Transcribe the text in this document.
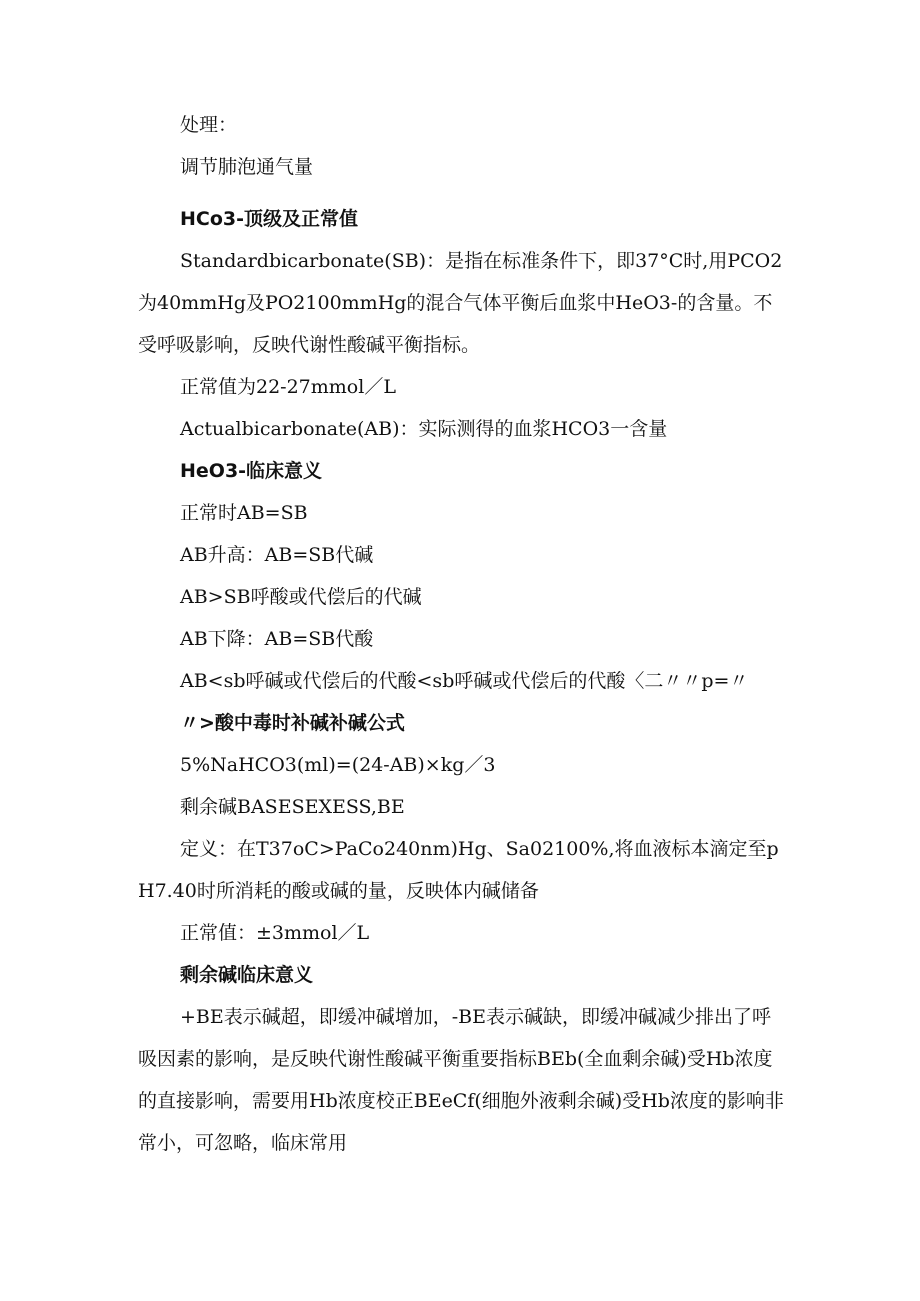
处理：

调节肺泡通气量

HCo3-顶级及正常值

Standardbicarbonate(SB)：是指在标准条件下，即37°C时,用PCO2为40mmHg及PO2100mmHg的混合气体平衡后血浆中HeO3-的含量。不受呼吸影响，反映代谢性酸碱平衡指标。

正常值为22-27mmol／L

Actualbicarbonate(AB)：实际测得的血浆HCO3一含量

HeO3-临床意义

正常时AB=SB

AB升高：AB=SB代碱

AB>SB呼酸或代偿后的代碱

AB下降：AB=SB代酸

AB<sb呼碱或代偿后的代酸<sb呼碱或代偿后的代酸〈二〃〃p=〃

〃>酸中毒时补碱补碱公式

5%NaHCO3(ml)=(24-AB)×kg／3

剩余碱BASESEXESS,BE

定义：在T37oC>PaCo240nm)Hg、Sa02100%,将血液标本滴定至pH7.40时所消耗的酸或碱的量，反映体内碱储备

正常值：±3mmol／L

剩余碱临床意义

+BE表示碱超，即缓冲碱增加，-BE表示碱缺，即缓冲碱减少排出了呼吸因素的影响，是反映代谢性酸碱平衡重要指标BEb(全血剩余碱)受Hb浓度的直接影响，需要用Hb浓度校正BEeCf(细胞外液剩余碱)受Hb浓度的影响非常小，可忽略，临床常用
